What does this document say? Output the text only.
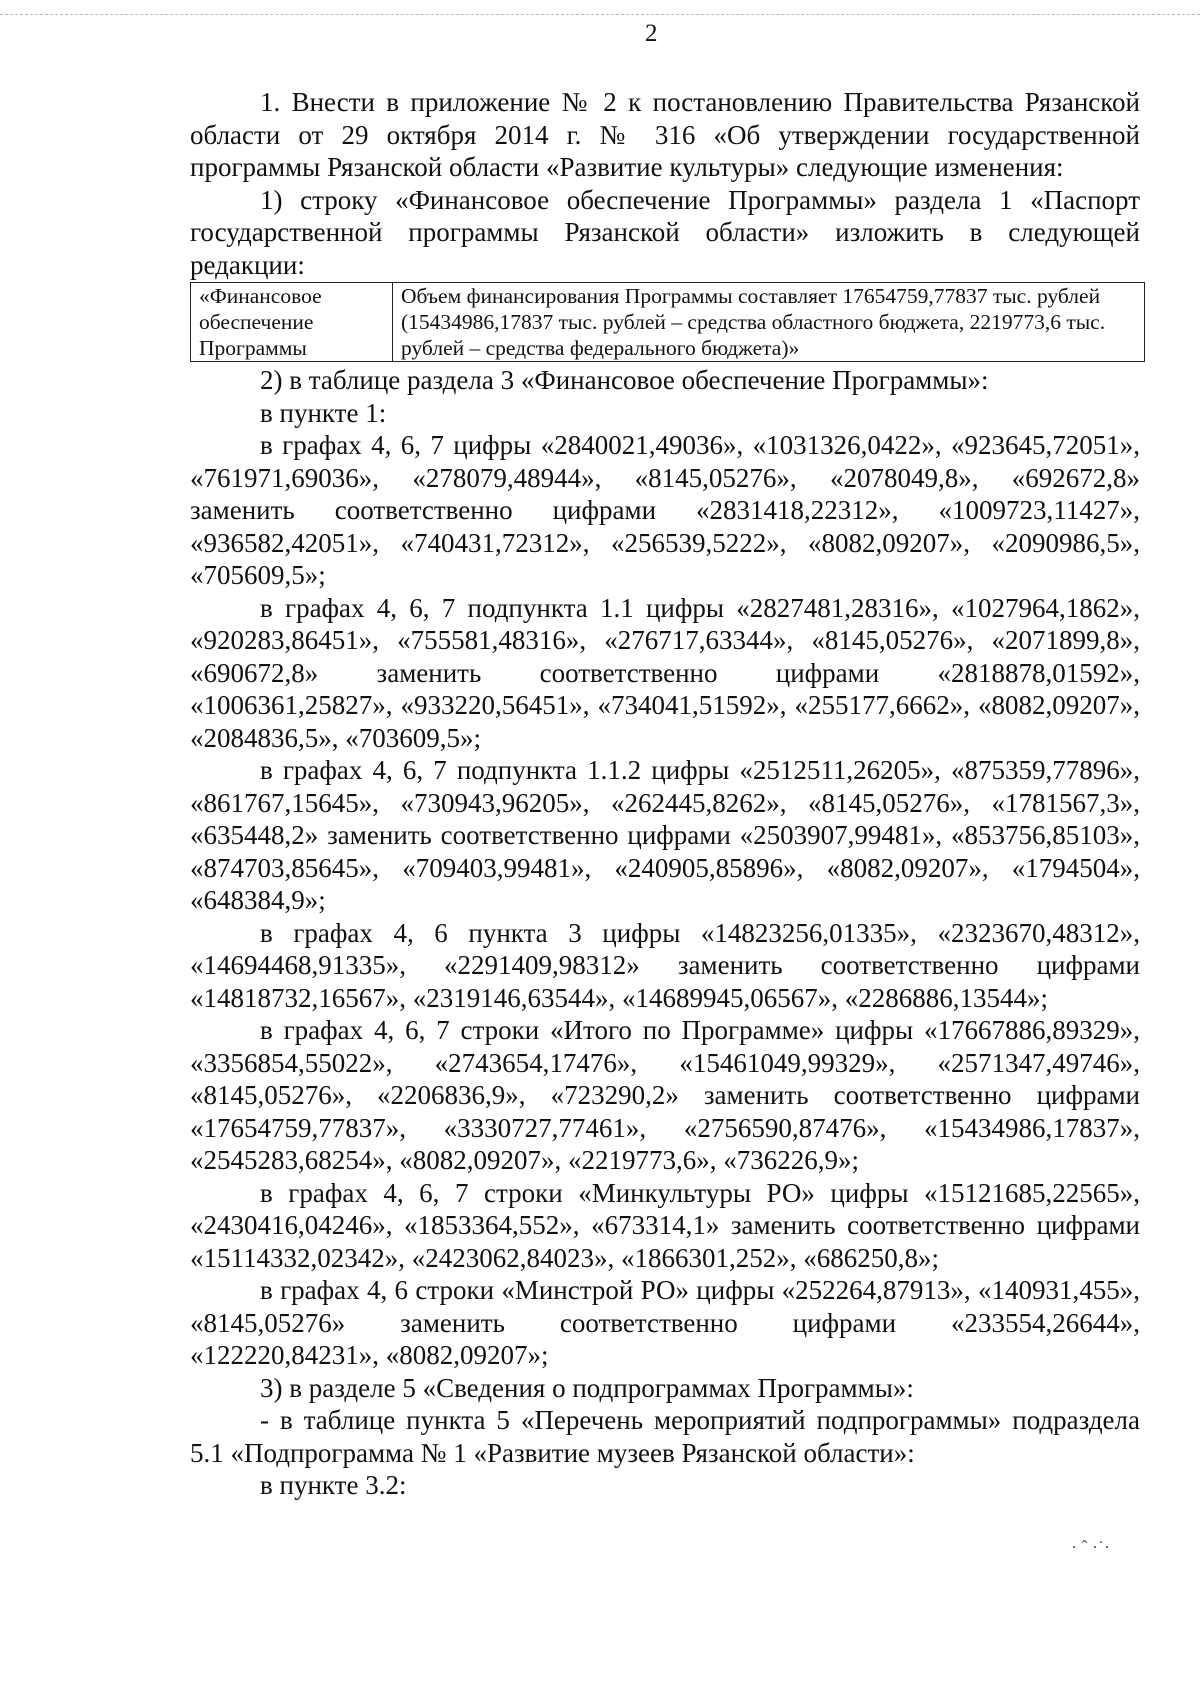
2

1. Внести в приложение № 2 к постановлению Правительства Рязанской области от 29 октября 2014 г. № 316 «Об утверждении государственной программы Рязанской области «Развитие культуры» следующие изменения:

1) строку «Финансовое обеспечение Программы» раздела 1 «Паспорт государственной программы Рязанской области» изложить в следующей редакции:

«Финансовое обеспечение Программы	Объем финансирования Программы составляет 17654759,77837 тыс. рублей (15434986,17837 тыс. рублей – средства областного бюджета, 2219773,6 тыс. рублей – средства федерального бюджета)»

2) в таблице раздела 3 «Финансовое обеспечение Программы»:

в пункте 1:

в графах 4, 6, 7 цифры «2840021,49036», «1031326,0422», «923645,72051», «761971,69036», «278079,48944», «8145,05276», «2078049,8», «692672,8» заменить соответственно цифрами «2831418,22312», «1009723,11427», «936582,42051», «740431,72312», «256539,5222», «8082,09207», «2090986,5», «705609,5»;

в графах 4, 6, 7 подпункта 1.1 цифры «2827481,28316», «1027964,1862», «920283,86451», «755581,48316», «276717,63344», «8145,05276», «2071899,8», «690672,8» заменить соответственно цифрами «2818878,01592», «1006361,25827», «933220,56451», «734041,51592», «255177,6662», «8082,09207», «2084836,5», «703609,5»;

в графах 4, 6, 7 подпункта 1.1.2 цифры «2512511,26205», «875359,77896», «861767,15645», «730943,96205», «262445,8262», «8145,05276», «1781567,3», «635448,2» заменить соответственно цифрами «2503907,99481», «853756,85103», «874703,85645», «709403,99481», «240905,85896», «8082,09207», «1794504», «648384,9»;

в графах 4, 6 пункта 3 цифры «14823256,01335», «2323670,48312», «14694468,91335», «2291409,98312» заменить соответственно цифрами «14818732,16567», «2319146,63544», «14689945,06567», «2286886,13544»;

в графах 4, 6, 7 строки «Итого по Программе» цифры «17667886,89329», «3356854,55022», «2743654,17476», «15461049,99329», «2571347,49746», «8145,05276», «2206836,9», «723290,2» заменить соответственно цифрами «17654759,77837», «3330727,77461», «2756590,87476», «15434986,17837», «2545283,68254», «8082,09207», «2219773,6», «736226,9»;

в графах 4, 6, 7 строки «Минкультуры РО» цифры «15121685,22565», «2430416,04246», «1853364,552», «673314,1» заменить соответственно цифрами «15114332,02342», «2423062,84023», «1866301,252», «686250,8»;

в графах 4, 6 строки «Минстрой РО» цифры «252264,87913», «140931,455», «8145,05276» заменить соответственно цифрами «233554,26644», «122220,84231», «8082,09207»;

3) в разделе 5 «Сведения о подпрограммах Программы»:

- в таблице пункта 5 «Перечень мероприятий подпрограммы» подраздела 5.1 «Подпрограмма № 1 «Развитие музеев Рязанской области»:

в пункте 3.2:

· ˆ ·˙·
